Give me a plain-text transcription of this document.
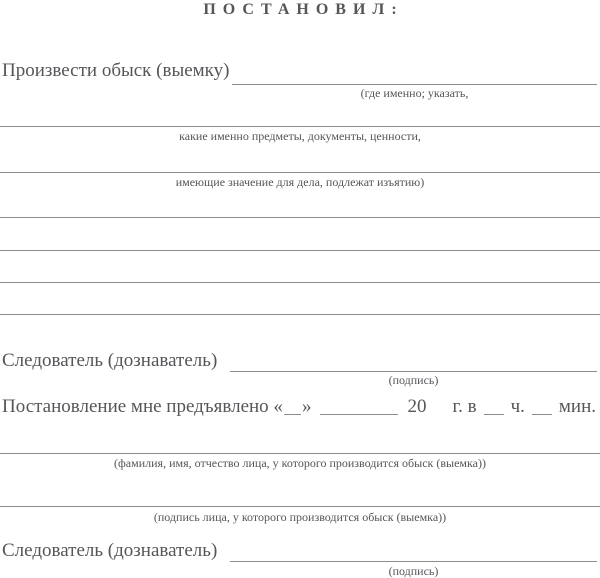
ПОСТАНОВИЛ:
Произвести обыск (выемку)
(где именно; указать,
какие именно предметы, документы, ценности,
имеющие значение для дела, подлежат изъятию)
Следователь (дознаватель)
(подпись)
Постановление мне предъявлено « »	20 г. в ч. мин.
(фамилия, имя, отчество лица, у которого производится обыск (выемка))
(подпись лица, у которого производится обыск (выемка))
Следователь (дознаватель)
(подпись)
